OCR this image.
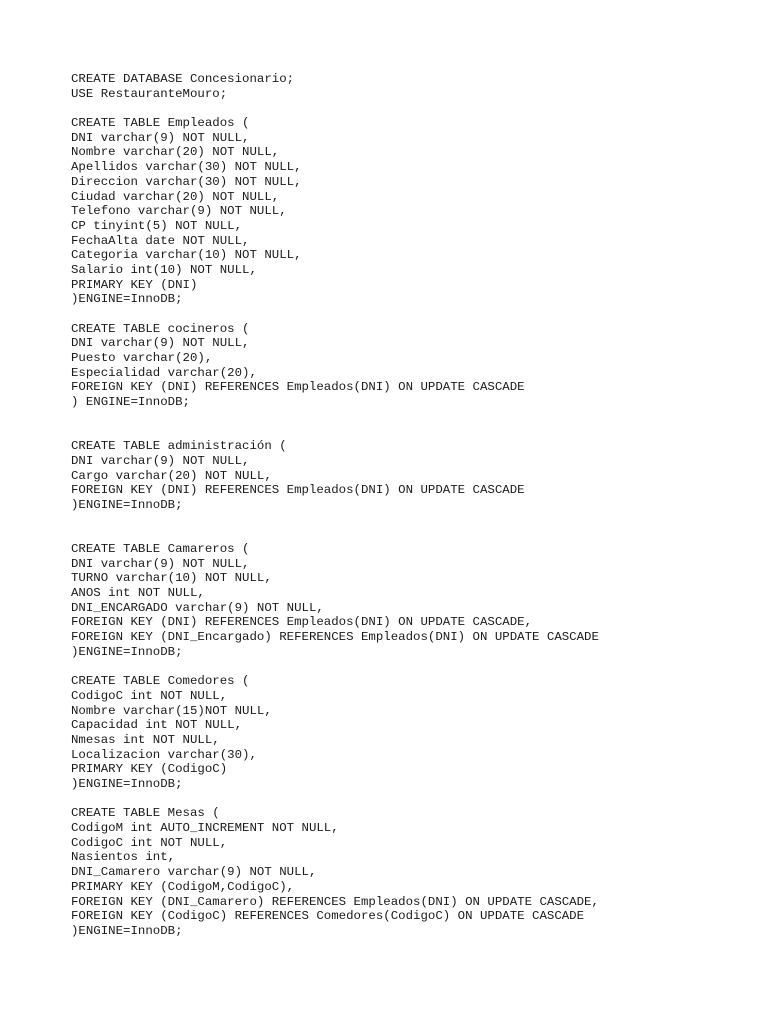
CREATE DATABASE Concesionario;
USE RestauranteMouro;
CREATE TABLE Empleados (
DNI varchar(9) NOT NULL,
Nombre varchar(20) NOT NULL,
Apellidos varchar(30) NOT NULL,
Direccion varchar(30) NOT NULL,
Ciudad varchar(20) NOT NULL,
Telefono varchar(9) NOT NULL,
CP tinyint(5) NOT NULL,
FechaAlta date NOT NULL,
Categoria varchar(10) NOT NULL,
Salario int(10) NOT NULL,
PRIMARY KEY (DNI)
)ENGINE=InnoDB;
CREATE TABLE cocineros (
DNI varchar(9) NOT NULL,
Puesto varchar(20),
Especialidad varchar(20),
FOREIGN KEY (DNI) REFERENCES Empleados(DNI) ON UPDATE CASCADE
) ENGINE=InnoDB;
CREATE TABLE administración (
DNI varchar(9) NOT NULL,
Cargo varchar(20) NOT NULL,
FOREIGN KEY (DNI) REFERENCES Empleados(DNI) ON UPDATE CASCADE
)ENGINE=InnoDB;
CREATE TABLE Camareros (
DNI varchar(9) NOT NULL,
TURNO varchar(10) NOT NULL,
ANOS int NOT NULL,
DNI_ENCARGADO varchar(9) NOT NULL,
FOREIGN KEY (DNI) REFERENCES Empleados(DNI) ON UPDATE CASCADE,
FOREIGN KEY (DNI_Encargado) REFERENCES Empleados(DNI) ON UPDATE CASCADE
)ENGINE=InnoDB;
CREATE TABLE Comedores (
CodigoC int NOT NULL,
Nombre varchar(15)NOT NULL,
Capacidad int NOT NULL,
Nmesas int NOT NULL,
Localizacion varchar(30),
PRIMARY KEY (CodigoC)
)ENGINE=InnoDB;
CREATE TABLE Mesas (
CodigoM int AUTO_INCREMENT NOT NULL,
CodigoC int NOT NULL,
Nasientos int,
DNI_Camarero varchar(9) NOT NULL,
PRIMARY KEY (CodigoM,CodigoC),
FOREIGN KEY (DNI_Camarero) REFERENCES Empleados(DNI) ON UPDATE CASCADE,
FOREIGN KEY (CodigoC) REFERENCES Comedores(CodigoC) ON UPDATE CASCADE
)ENGINE=InnoDB;
